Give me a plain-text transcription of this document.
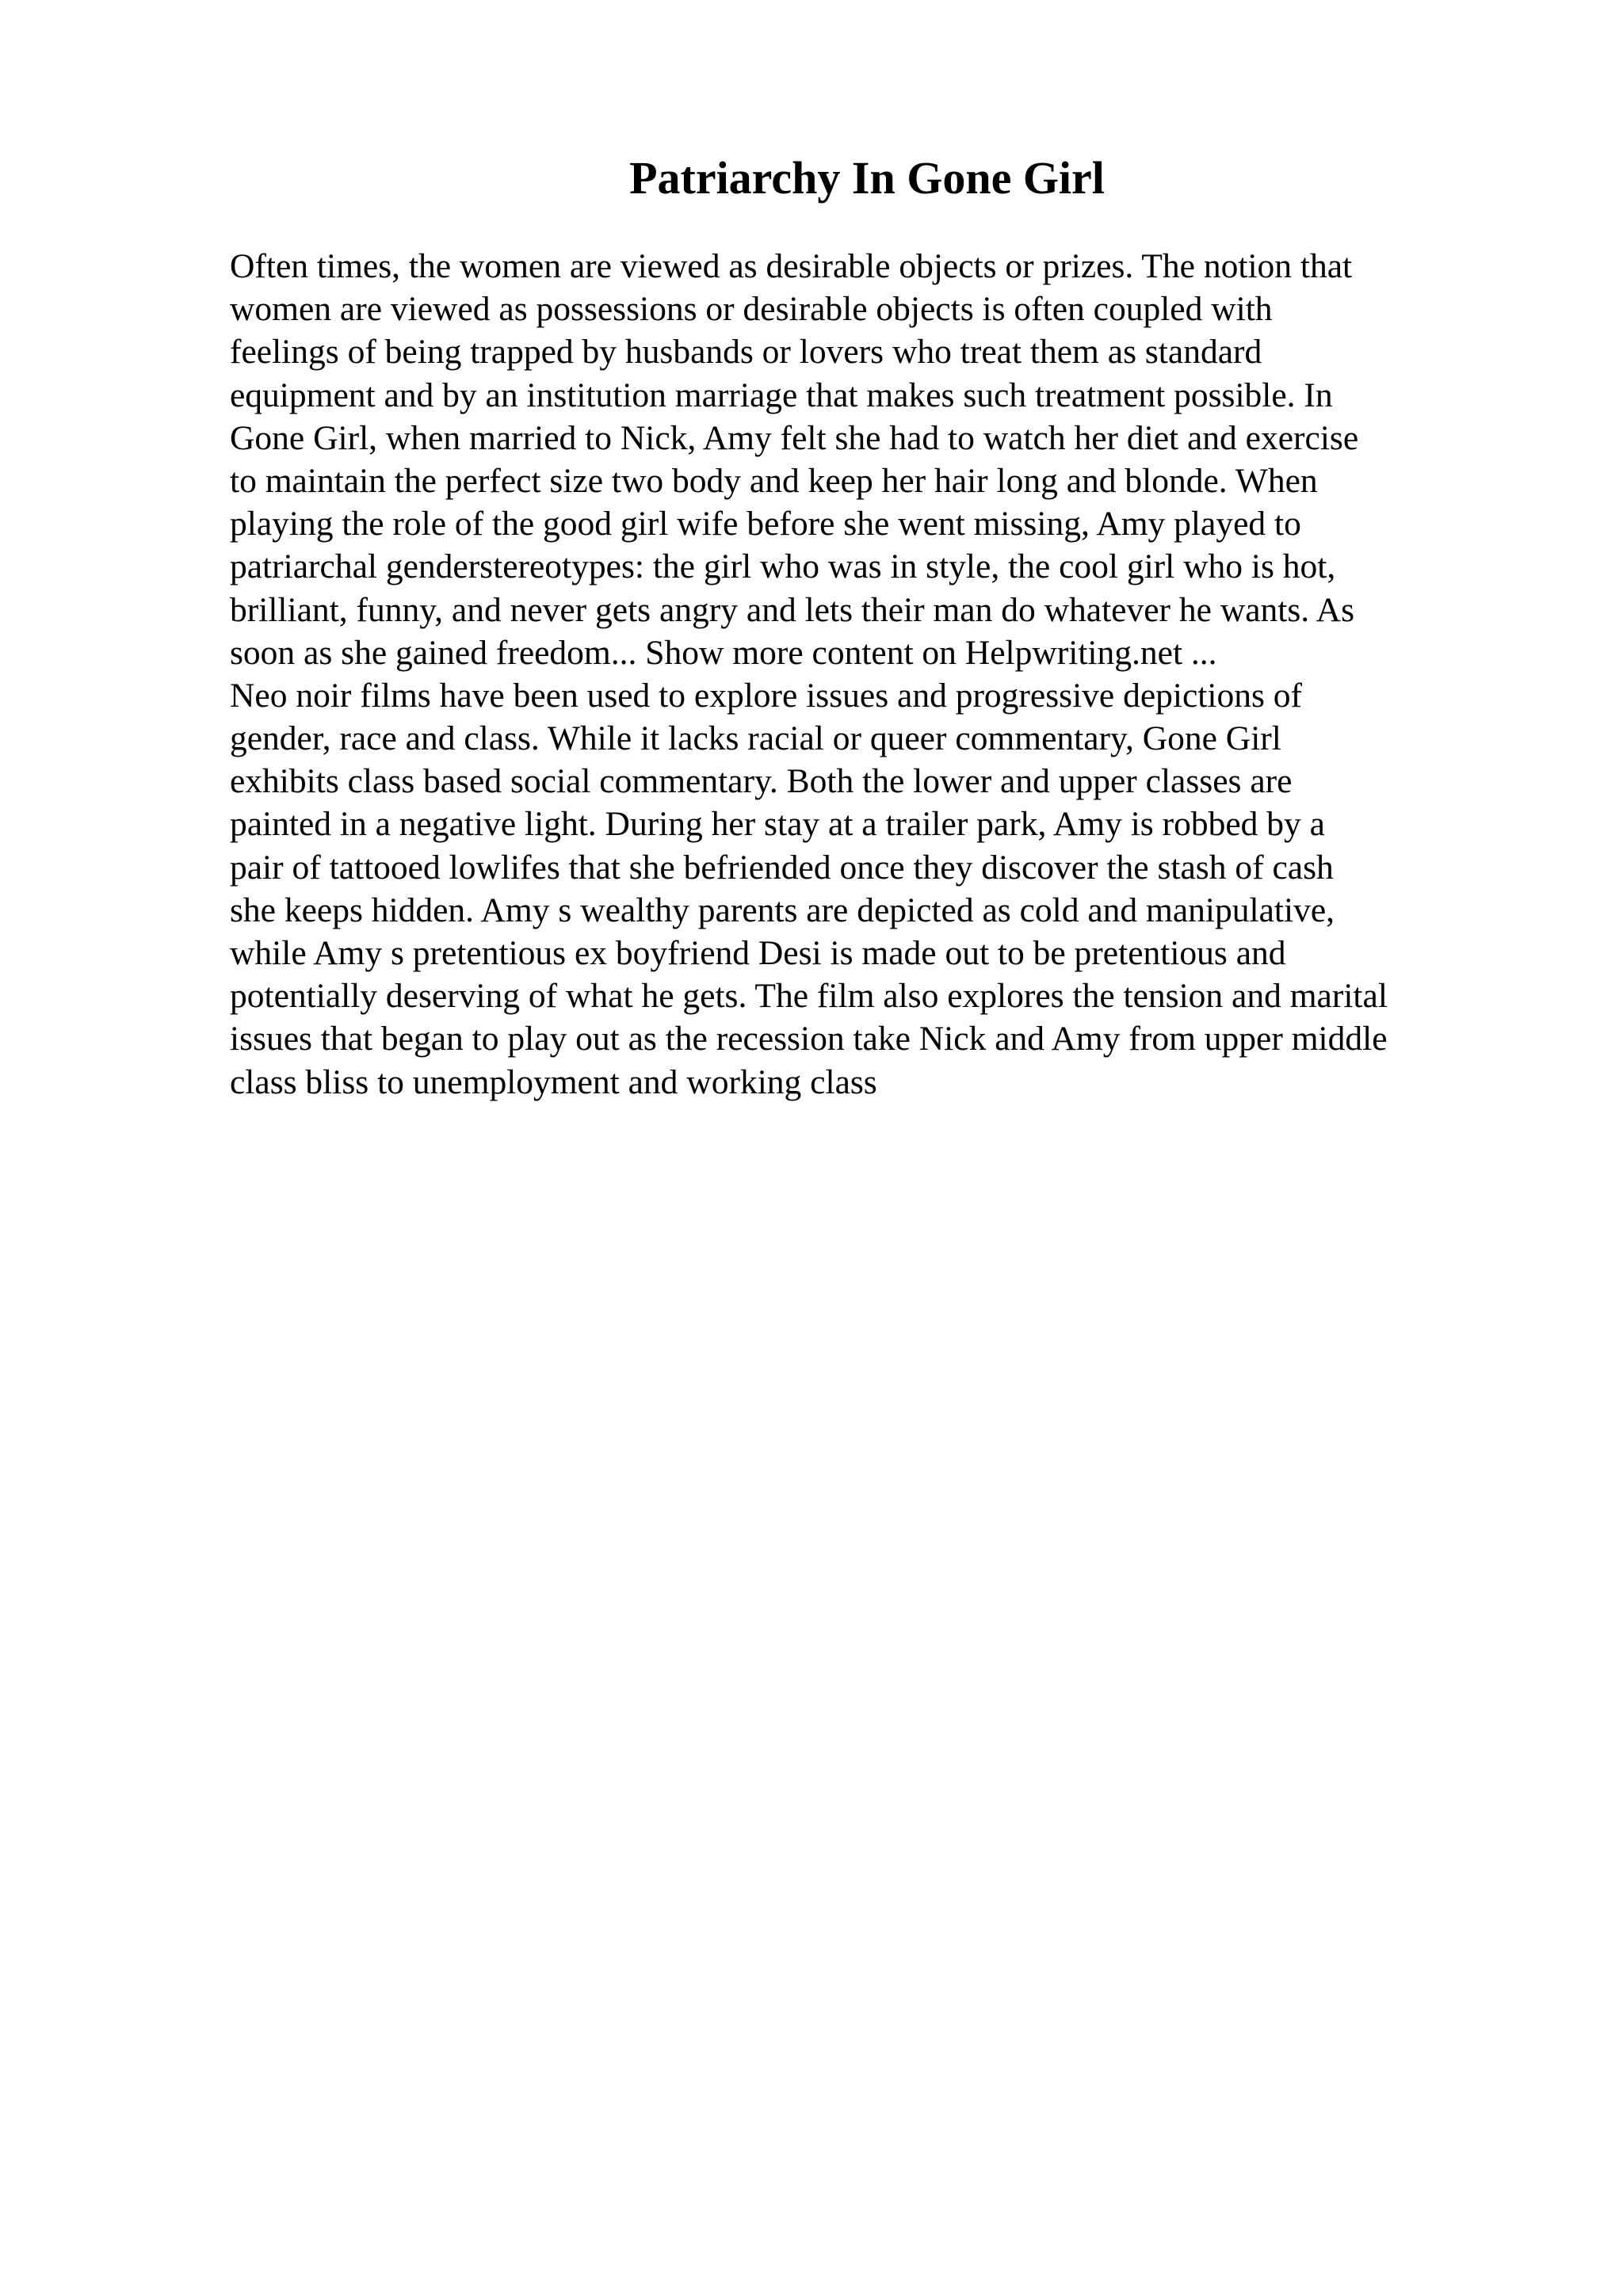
Patriarchy In Gone Girl
Often times, the women are viewed as desirable objects or prizes. The notion that
women are viewed as possessions or desirable objects is often coupled with
feelings of being trapped by husbands or lovers who treat them as standard
equipment and by an institution marriage that makes such treatment possible. In
Gone Girl, when married to Nick, Amy felt she had to watch her diet and exercise
to maintain the perfect size two body and keep her hair long and blonde. When
playing the role of the good girl wife before she went missing, Amy played to
patriarchal genderstereotypes: the girl who was in style, the cool girl who is hot,
brilliant, funny, and never gets angry and lets their man do whatever he wants. As
soon as she gained freedom... Show more content on Helpwriting.net ...
Neo noir films have been used to explore issues and progressive depictions of
gender, race and class. While it lacks racial or queer commentary, Gone Girl
exhibits class based social commentary. Both the lower and upper classes are
painted in a negative light. During her stay at a trailer park, Amy is robbed by a
pair of tattooed lowlifes that she befriended once they discover the stash of cash
she keeps hidden. Amy s wealthy parents are depicted as cold and manipulative,
while Amy s pretentious ex boyfriend Desi is made out to be pretentious and
potentially deserving of what he gets. The film also explores the tension and marital
issues that began to play out as the recession take Nick and Amy from upper middle
class bliss to unemployment and working class
